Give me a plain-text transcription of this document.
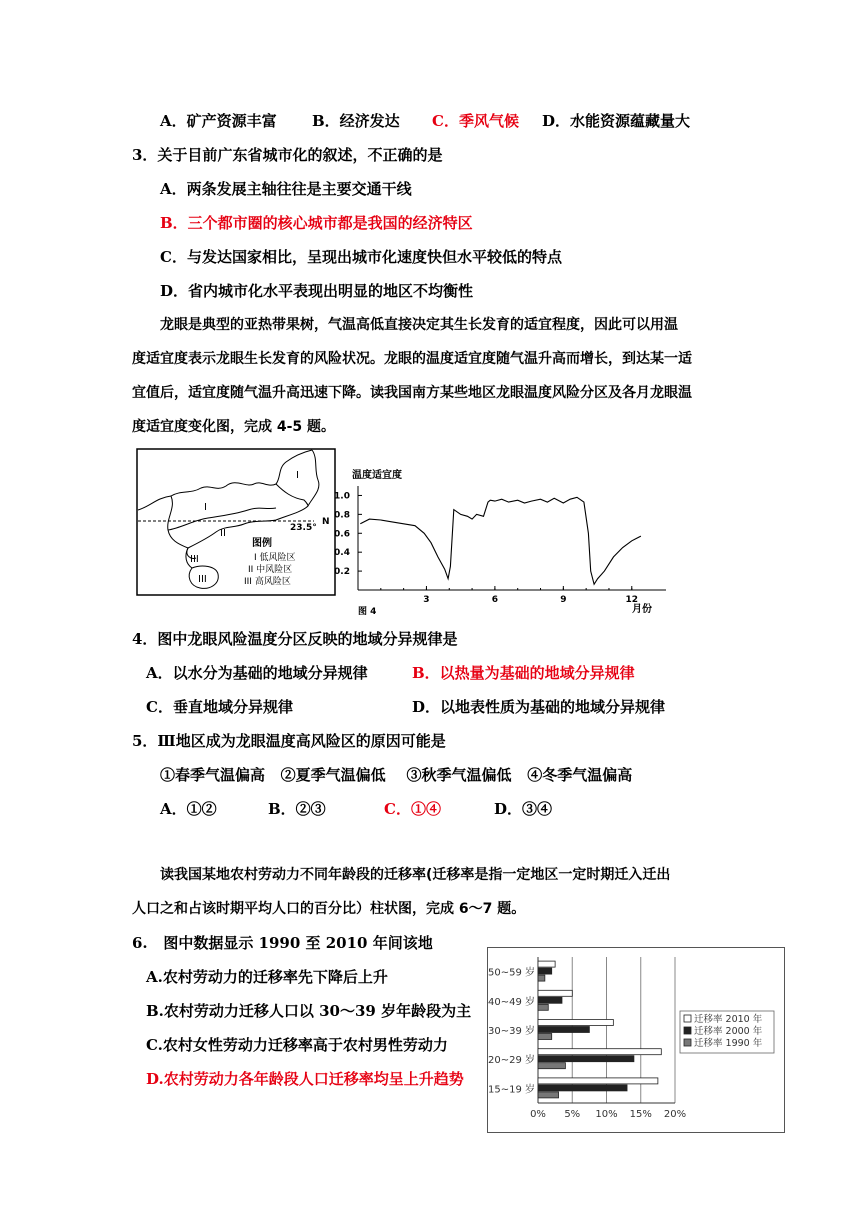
A．矿产资源丰富 B．经济发达 C．季风气候 D．水能资源蕴藏量大
3．关于目前广东省城市化的叙述，不正确的是
A．两条发展主轴往往是主要交通干线
B．三个都市圈的核心城市都是我国的经济特区
C．与发达国家相比，呈现出城市化速度快但水平较低的特点
D．省内城市化水平表现出明显的地区不均衡性
龙眼是典型的亚热带果树，气温高低直接决定其生长发育的适宜程度，因此可以用温
度适宜度表示龙眼生长发育的风险状况。龙眼的温度适宜度随气温升高而增长，到达某一适
宜值后，适宜度随气温升高迅速下降。读我国南方某些地区龙眼温度风险分区及各月龙眼温
度适宜度变化图，完成 4-5 题。
23.5°
N
I
I
II
III
III
图例
I 低风险区
II 中风险区
III 高风险区
温度适宜度
月份
图 4
1.0
0.8
0.6
0.4
0.2
3	6	9	12
4．图中龙眼风险温度分区反映的地域分异规律是
A．以水分为基础的地域分异规律	B．以热量为基础的地域分异规律
C．垂直地域分异规律	D．以地表性质为基础的地域分异规律
5．Ⅲ地区成为龙眼温度高风险区的原因可能是
①春季气温偏高   ②夏季气温偏低    ③秋季气温偏低   ④冬季气温偏高
A．①②	B．②③	C．①④	D．③④
读我国某地农村劳动力不同年龄段的迁移率(迁移率是指一定地区一定时期迁入迁出
人口之和占该时期平均人口的百分比）柱状图，完成 6～7 题。
6.   图中数据显示 1990 至 2010 年间该地
A.农村劳动力的迁移率先下降后上升
B.农村劳动力迁移人口以 30～39 岁年龄段为主
C.农村女性劳动力迁移率高于农村男性劳动力
D.农村劳动力各年龄段人口迁移率均呈上升趋势
0% 5% 10% 15% 20%
50~59 岁
40~49 岁
30~39 岁
20~29 岁
15~19 岁
迁移率 2010 年
迁移率 2000 年
迁移率 1990 年
